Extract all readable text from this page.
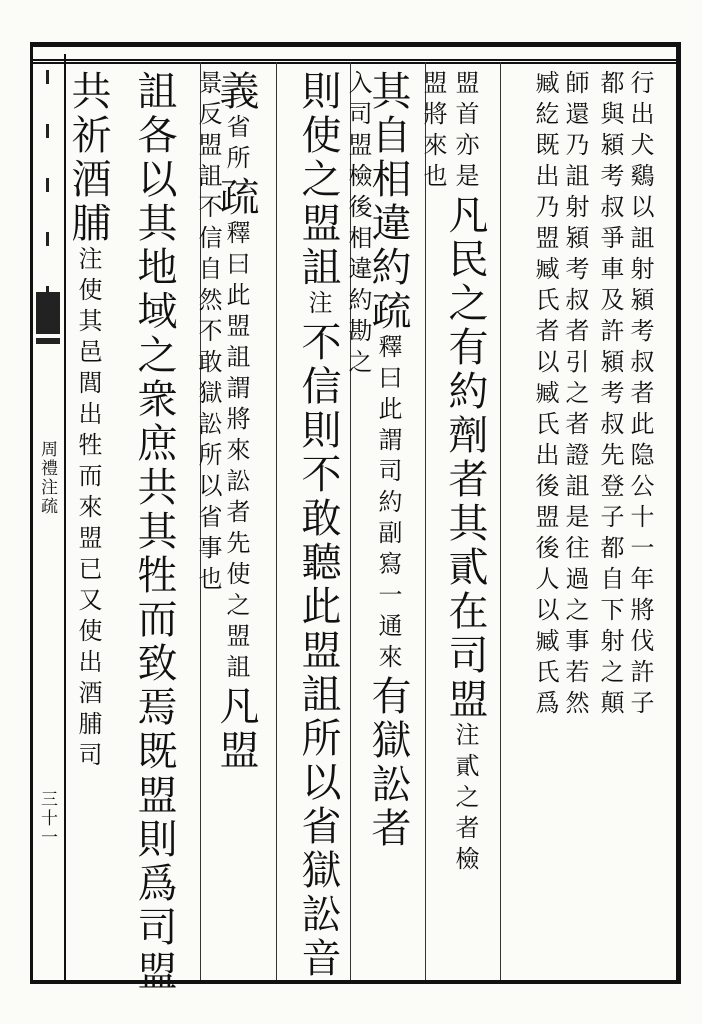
周禮注疏
三十一
行出犬鷄以詛射潁考叔者此隐公十一年將伐許子
都與潁考叔爭車及許潁考叔先登子都自下射之顛
師還乃詛射潁考叔者引之者證詛是往過之事若然
臧紇既出乃盟臧氏者以臧氏出後盟後人以臧氏爲
盟首亦是凡民之有約劑者其貳在司盟注貳之者檢
盟將來也
其自相違約疏釋曰此謂司約副寫一通來有獄訟者
入司盟檢後相違約勘之
則使之盟詛注不信則不敢聽此盟詛所以省獄訟音
義省所疏釋曰此盟詛謂將來訟者先使之盟詛凡盟
景反盟詛不信自然不敢獄訟所以省事也
詛各以其地域之衆庶共其牲而致焉既盟則爲司盟
共祈酒脯注使其邑閭出牲而來盟已又使出酒脯司
